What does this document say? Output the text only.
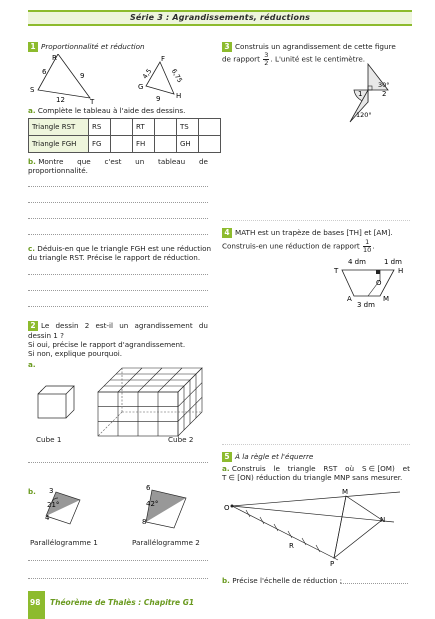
Série 3 : Agrandissements, réductions
1 Proportionnalité et réduction
R
S
T
6	9
12
F
G
H
4,5	6,75
9
a. Complète le tableau à l'aide des dessins.
Triangle RST	RS		RT		TS	
Triangle FGH	FG		FH		GH	
b. Montre que c'est un tableau de
proportionnalité.
c. Déduis-en que le triangle FGH est une réduction
du triangle RST. Précise le rapport de réduction.
2 Le dessin 2 est-il un agrandissement du
dessin 1 ?
Si oui, précise le rapport d'agrandissement.
Si non, explique pourquoi.
a.
Cube 1	Cube 2
b. 3
21°
4
6
42°
8
Parallélogramme 1	Parallélogramme 2
3 Construis un agrandissement de cette figure
de rapport $\frac{3}{2}$ . L'unité est le centimètre.
30°
120°
1	2
4 MATH est un trapèze de bases [TH] et [AM].
Construis-en une réduction de rapport $\frac{1}{10}$ .
4 dm	1 dm
T	H
O
A	M
3 dm
5 À la règle et l'équerre
a. Construis le triangle RST où S ∈ [OM) et
T ∈ [ON) réduction du triangle MNP sans mesurer.
O
M
N
P
R
b. Précise l'échelle de réduction :
98 Théorème de Thalès : Chapitre G1
